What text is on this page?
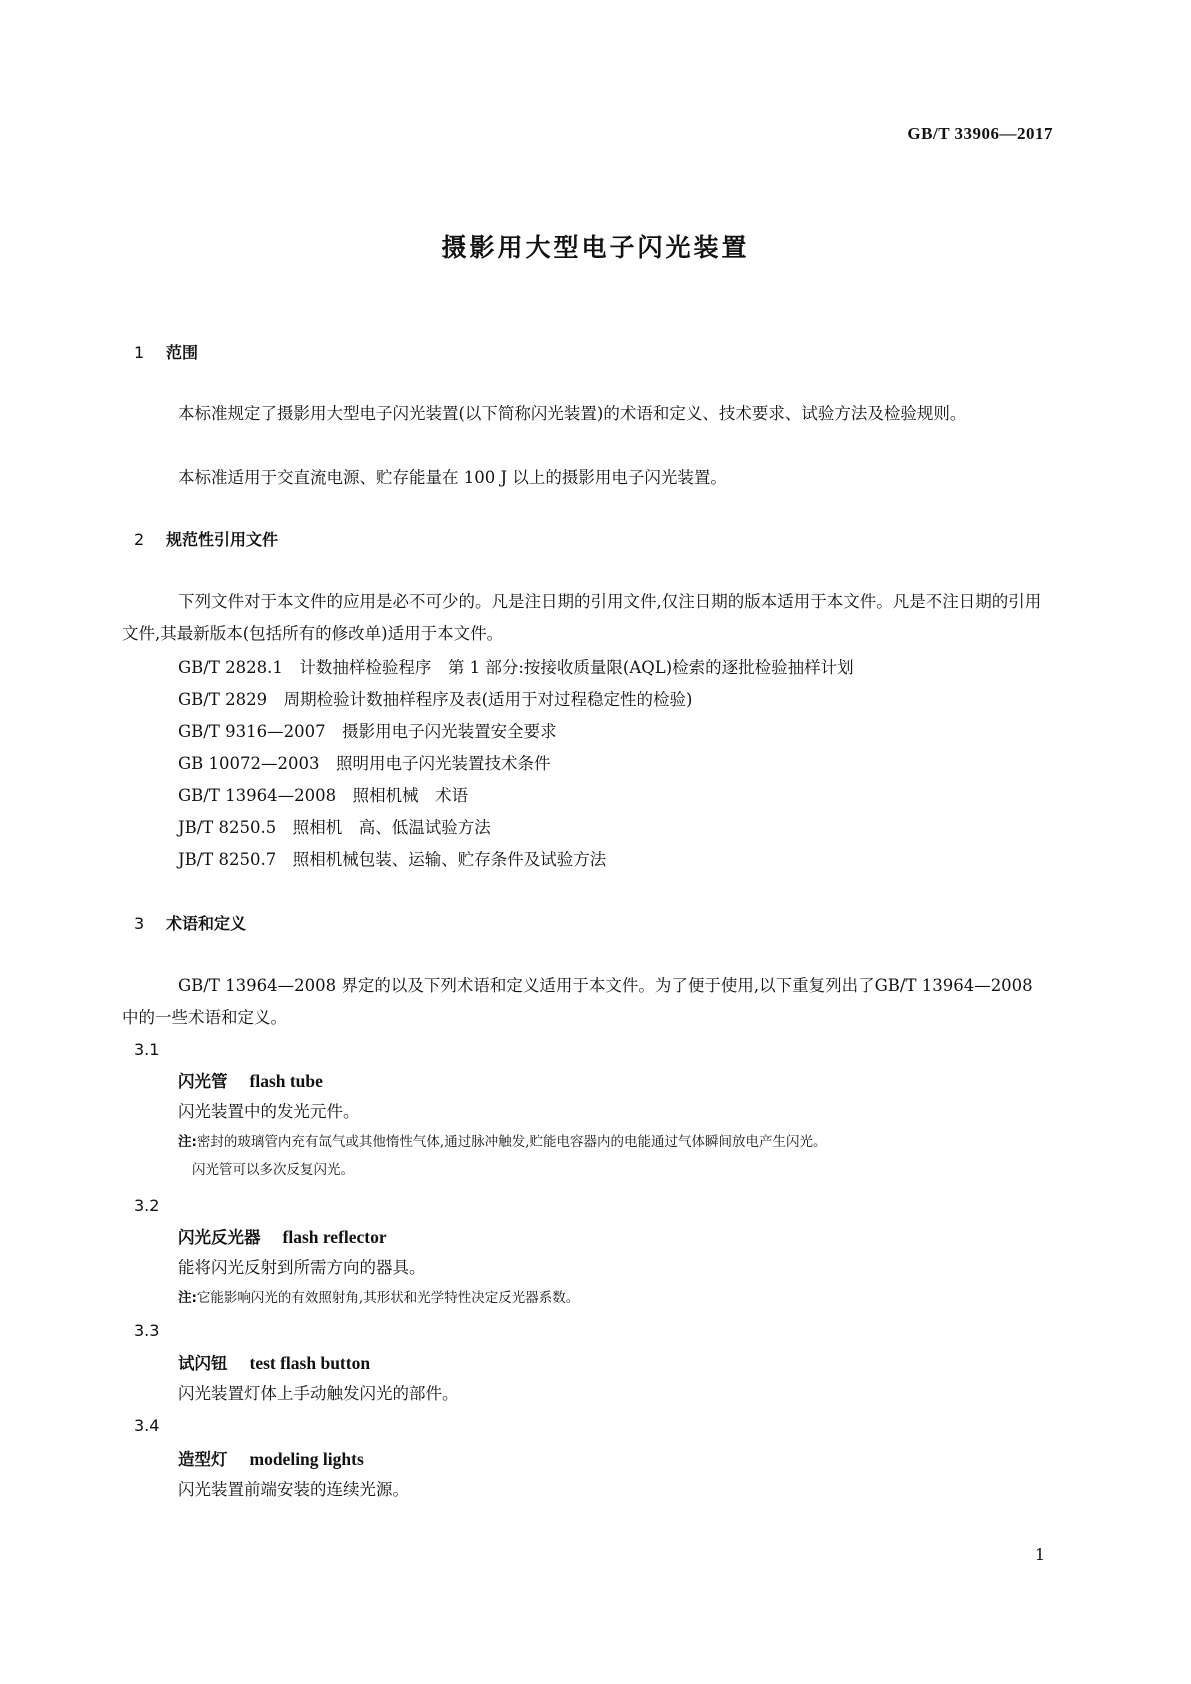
GB/T 33906—2017
摄影用大型电子闪光装置
1 范围
本标准规定了摄影用大型电子闪光装置(以下简称闪光装置)的术语和定义、技术要求、试验方法及检验规则。
本标准适用于交直流电源、贮存能量在 100 J 以上的摄影用电子闪光装置。
2 规范性引用文件
下列文件对于本文件的应用是必不可少的。凡是注日期的引用文件,仅注日期的版本适用于本文件。凡是不注日期的引用文件,其最新版本(包括所有的修改单)适用于本文件。
GB/T 2828.1　计数抽样检验程序　第 1 部分:按接收质量限(AQL)检索的逐批检验抽样计划
GB/T 2829　周期检验计数抽样程序及表(适用于对过程稳定性的检验)
GB/T 9316—2007　摄影用电子闪光装置安全要求
GB 10072—2003　照明用电子闪光装置技术条件
GB/T 13964—2008　照相机械　术语
JB/T 8250.5　照相机　高、低温试验方法
JB/T 8250.7　照相机械包装、运输、贮存条件及试验方法
3 术语和定义
GB/T 13964—2008 界定的以及下列术语和定义适用于本文件。为了便于使用,以下重复列出了GB/T 13964—2008 中的一些术语和定义。
3.1
闪光管 flash tube
闪光装置中的发光元件。
注:密封的玻璃管内充有氙气或其他惰性气体,通过脉冲触发,贮能电容器内的电能通过气体瞬间放电产生闪光。
闪光管可以多次反复闪光。
3.2
闪光反光器 flash reflector
能将闪光反射到所需方向的器具。
注:它能影响闪光的有效照射角,其形状和光学特性决定反光器系数。
3.3
试闪钮 test flash button
闪光装置灯体上手动触发闪光的部件。
3.4
造型灯 modeling lights
闪光装置前端安装的连续光源。
1
